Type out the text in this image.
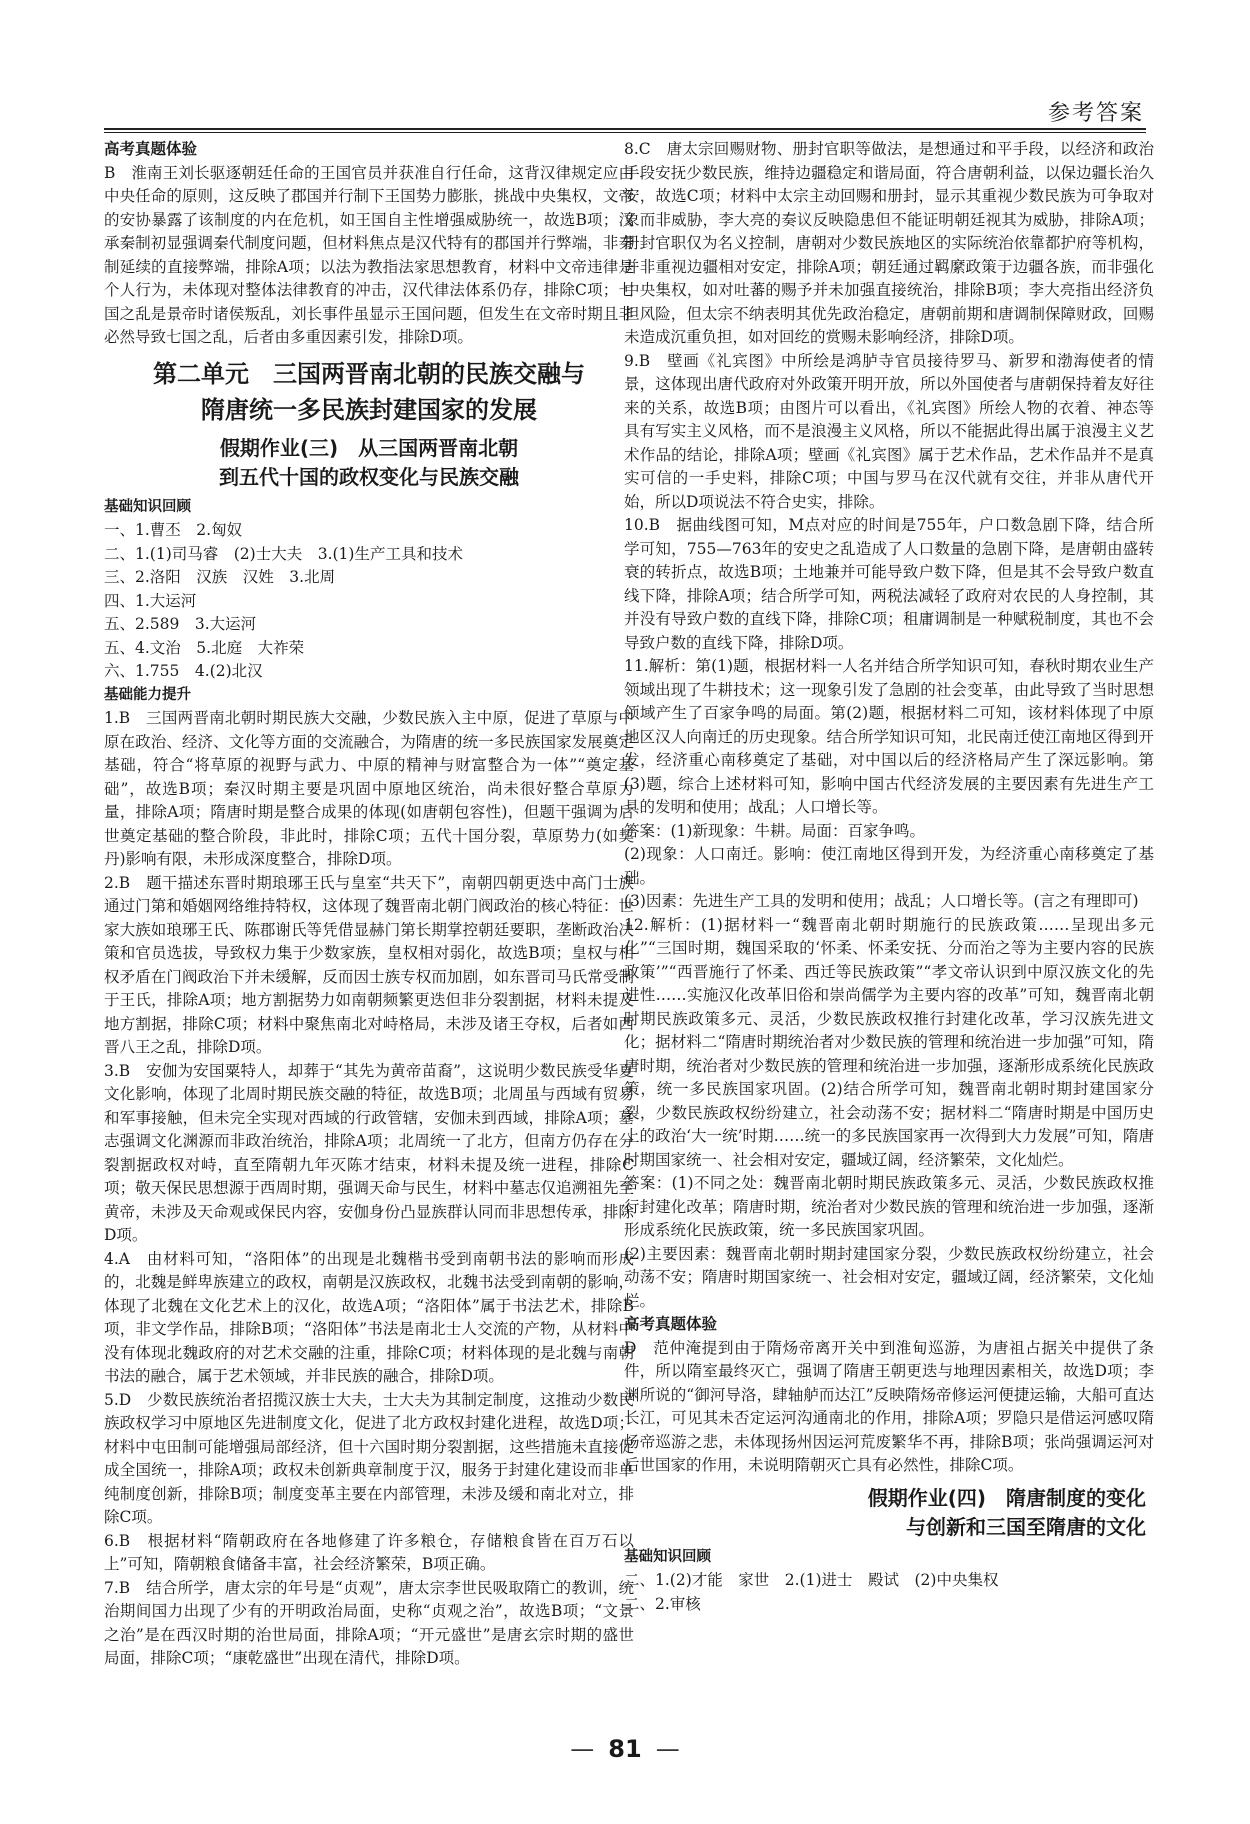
参考答案

高考真题体验

B　淮南王刘长驱逐朝廷任命的王国官员并获准自行任命，这背汉律规定应由中央任命的原则，这反映了郡国并行制下王国势力膨胀，挑战中央集权，文帝的安协暴露了该制度的内在危机，如王国自主性增强威胁统一，故选B项；汉承秦制初显强调秦代制度问题，但材料焦点是汉代特有的郡国并行弊端，非秦制延续的直接弊端，排除A项；以法为教指法家思想教育，材料中文帝违律是个人行为，未体现对整体法律教育的冲击，汉代律法体系仍存，排除C项；七国之乱是景帝时诸侯叛乱，刘长事件虽显示王国问题，但发生在文帝时期且非必然导致七国之乱，后者由多重因素引发，排除D项。

第二单元　三国两晋南北朝的民族交融与
隋唐统一多民族封建国家的发展
假期作业(三)　从三国两晋南北朝
到五代十国的政权变化与民族交融

基础知识回顾

一、1.曹丕　2.匈奴

二、1.(1)司马睿　(2)士大夫　3.(1)生产工具和技术

三、2.洛阳　汉族　汉姓　3.北周

四、1.大运河

五、2.589　3.大运河

五、4.文治　5.北庭　大祚荣

六、1.755　4.(2)北汉

基础能力提升

1.B　三国两晋南北朝时期民族大交融，少数民族入主中原，促进了草原与中原在政治、经济、文化等方面的交流融合，为隋唐的统一多民族国家发展奠定基础，符合“将草原的视野与武力、中原的精神与财富整合为一体”“奠定基础”，故选B项；秦汉时期主要是巩固中原地区统治，尚未很好整合草原力量，排除A项；隋唐时期是整合成果的体现(如唐朝包容性)，但题干强调为后世奠定基础的整合阶段，非此时，排除C项；五代十国分裂，草原势力(如契丹)影响有限，未形成深度整合，排除D项。

2.B　题干描述东晋时期琅琊王氏与皇室“共天下”，南朝四朝更迭中高门士族通过门第和婚姻网络维持特权，这体现了魏晋南北朝门阀政治的核心特征：世家大族如琅琊王氏、陈郡谢氏等凭借显赫门第长期掌控朝廷要职，垄断政治决策和官员选拔，导致权力集于少数家族，皇权相对弱化，故选B项；皇权与相权矛盾在门阀政治下并未缓解，反而因士族专权而加剧，如东晋司马氏常受制于王氏，排除A项；地方割据势力如南朝频繁更迭但非分裂割据，材料未提及地方割据，排除C项；材料中聚焦南北对峙格局，未涉及诸王夺权，后者如西晋八王之乱，排除D项。

3.B　安伽为安国粟特人，却葬于“其先为黄帝苗裔”，这说明少数民族受华夏文化影响，体现了北周时期民族交融的特征，故选B项；北周虽与西域有贸易和军事接触，但未完全实现对西域的行政管辖，安伽未到西域，排除A项；墓志强调文化渊源而非政治统治，排除A项；北周统一了北方，但南方仍存在分裂割据政权对峙，直至隋朝九年灭陈才结束，材料未提及统一进程，排除C项；敬天保民思想源于西周时期，强调天命与民生，材料中墓志仅追溯祖先至黄帝，未涉及天命观或保民内容，安伽身份凸显族群认同而非思想传承，排除D项。

4.A　由材料可知，“洛阳体”的出现是北魏楷书受到南朝书法的影响而形成的，北魏是鲜卑族建立的政权，南朝是汉族政权，北魏书法受到南朝的影响，体现了北魏在文化艺术上的汉化，故选A项；“洛阳体”属于书法艺术，排除B项，非文学作品，排除B项；“洛阳体”书法是南北士人交流的产物，从材料中没有体现北魏政府的对艺术交融的注重，排除C项；材料体现的是北魏与南朝书法的融合，属于艺术领域，并非民族的融合，排除D项。

5.D　少数民族统治者招揽汉族士大夫，士大夫为其制定制度，这推动少数民族政权学习中原地区先进制度文化，促进了北方政权封建化进程，故选D项；材料中屯田制可能增强局部经济，但十六国时期分裂割据，这些措施未直接促成全国统一，排除A项；政权未创新典章制度于汉，服务于封建化建设而非单纯制度创新，排除B项；制度变革主要在内部管理，未涉及缓和南北对立，排除C项。

6.B　根据材料“隋朝政府在各地修建了许多粮仓，存储粮食皆在百万石以上”可知，隋朝粮食储备丰富，社会经济繁荣，B项正确。

7.B　结合所学，唐太宗的年号是“贞观”，唐太宗李世民吸取隋亡的教训，统治期间国力出现了少有的开明政治局面，史称“贞观之治”，故选B项；“文景之治”是在西汉时期的治世局面，排除A项；“开元盛世”是唐玄宗时期的盛世局面，排除C项；“康乾盛世”出现在清代，排除D项。

8.C　唐太宗回赐财物、册封官职等做法，是想通过和平手段，以经济和政治手段安抚少数民族，维持边疆稳定和谐局面，符合唐朝利益，以保边疆长治久安，故选C项；材料中太宗主动回赐和册封，显示其重视少数民族为可争取对象而非威胁，李大亮的奏议反映隐患但不能证明朝廷视其为威胁，排除A项；册封官职仅为名义控制，唐朝对少数民族地区的实际统治依靠都护府等机构，并非重视边疆相对安定，排除A项；朝廷通过羁縻政策于边疆各族，而非强化中央集权，如对吐蕃的赐予并未加强直接统治，排除B项；李大亮指出经济负担风险，但太宗不纳表明其优先政治稳定，唐朝前期和唐调制保障财政，回赐未造成沉重负担，如对回纥的赏赐未影响经济，排除D项。

9.B　壁画《礼宾图》中所绘是鸿胪寺官员接待罗马、新罗和渤海使者的情景，这体现出唐代政府对外政策开明开放，所以外国使者与唐朝保持着友好往来的关系，故选B项；由图片可以看出，《礼宾图》所绘人物的衣着、神态等具有写实主义风格，而不是浪漫主义风格，所以不能据此得出属于浪漫主义艺术作品的结论，排除A项；壁画《礼宾图》属于艺术作品，艺术作品并不是真实可信的一手史料，排除C项；中国与罗马在汉代就有交往，并非从唐代开始，所以D项说法不符合史实，排除。

10.B　据曲线图可知，M点对应的时间是755年，户口数急剧下降，结合所学可知，755—763年的安史之乱造成了人口数量的急剧下降，是唐朝由盛转衰的转折点，故选B项；土地兼并可能导致户数下降，但是其不会导致户数直线下降，排除A项；结合所学可知，两税法减轻了政府对农民的人身控制，其并没有导致户数的直线下降，排除C项；租庸调制是一种赋税制度，其也不会导致户数的直线下降，排除D项。

11.解析：第(1)题，根据材料一人名并结合所学知识可知，春秋时期农业生产领域出现了牛耕技术；这一现象引发了急剧的社会变革，由此导致了当时思想领域产生了百家争鸣的局面。第(2)题，根据材料二可知，该材料体现了中原地区汉人向南迁的历史现象。结合所学知识可知，北民南迁使江南地区得到开发，经济重心南移奠定了基础，对中国以后的经济格局产生了深远影响。第(3)题，综合上述材料可知，影响中国古代经济发展的主要因素有先进生产工具的发明和使用；战乱；人口增长等。

答案：(1)新现象：牛耕。局面：百家争鸣。

(2)现象：人口南迁。影响：使江南地区得到开发，为经济重心南移奠定了基础。

(3)因素：先进生产工具的发明和使用；战乱；人口增长等。(言之有理即可)

12.解析：(1)据材料一“魏晋南北朝时期施行的民族政策……呈现出多元化”“三国时期，魏国采取的‘怀柔、怀柔安抚、分而治之等为主要内容的民族政策’”“西晋施行了怀柔、西迁等民族政策”“孝文帝认识到中原汉族文化的先进性……实施汉化改革旧俗和崇尚儒学为主要内容的改革”可知，魏晋南北朝时期民族政策多元、灵活，少数民族政权推行封建化改革，学习汉族先进文化；据材料二“隋唐时期统治者对少数民族的管理和统治进一步加强”可知，隋唐时期，统治者对少数民族的管理和统治进一步加强，逐渐形成系统化民族政策，统一多民族国家巩固。(2)结合所学可知，魏晋南北朝时期封建国家分裂，少数民族政权纷纷建立，社会动荡不安；据材料二“隋唐时期是中国历史上的政治‘大一统’时期……统一的多民族国家再一次得到大力发展”可知，隋唐时期国家统一、社会相对安定，疆域辽阔，经济繁荣，文化灿烂。

答案：(1)不同之处：魏晋南北朝时期民族政策多元、灵活，少数民族政权推行封建化改革；隋唐时期，统治者对少数民族的管理和统治进一步加强，逐渐形成系统化民族政策，统一多民族国家巩固。

(2)主要因素：魏晋南北朝时期封建国家分裂，少数民族政权纷纷建立，社会动荡不安；隋唐时期国家统一、社会相对安定，疆域辽阔，经济繁荣，文化灿烂。

高考真题体验

D　范仲淹提到由于隋炀帝离开关中到淮甸巡游，为唐祖占据关中提供了条件，所以隋室最终灭亡，强调了隋唐王朝更迭与地理因素相关，故选D项；李渊所说的“御河导洛，肆轴舻而达江”反映隋炀帝修运河便捷运输，大船可直达长江，可见其未否定运河沟通南北的作用，排除A项；罗隐只是借运河感叹隋炀帝巡游之悲，未体现扬州因运河荒废繁华不再，排除B项；张尚强调运河对后世国家的作用，未说明隋朝灭亡具有必然性，排除C项。

假期作业(四)　隋唐制度的变化
与创新和三国至隋唐的文化

基础知识回顾

二、1.(2)才能　家世　2.(1)进士　殿试　(2)中央集权

二、2.审核

— 81 —
